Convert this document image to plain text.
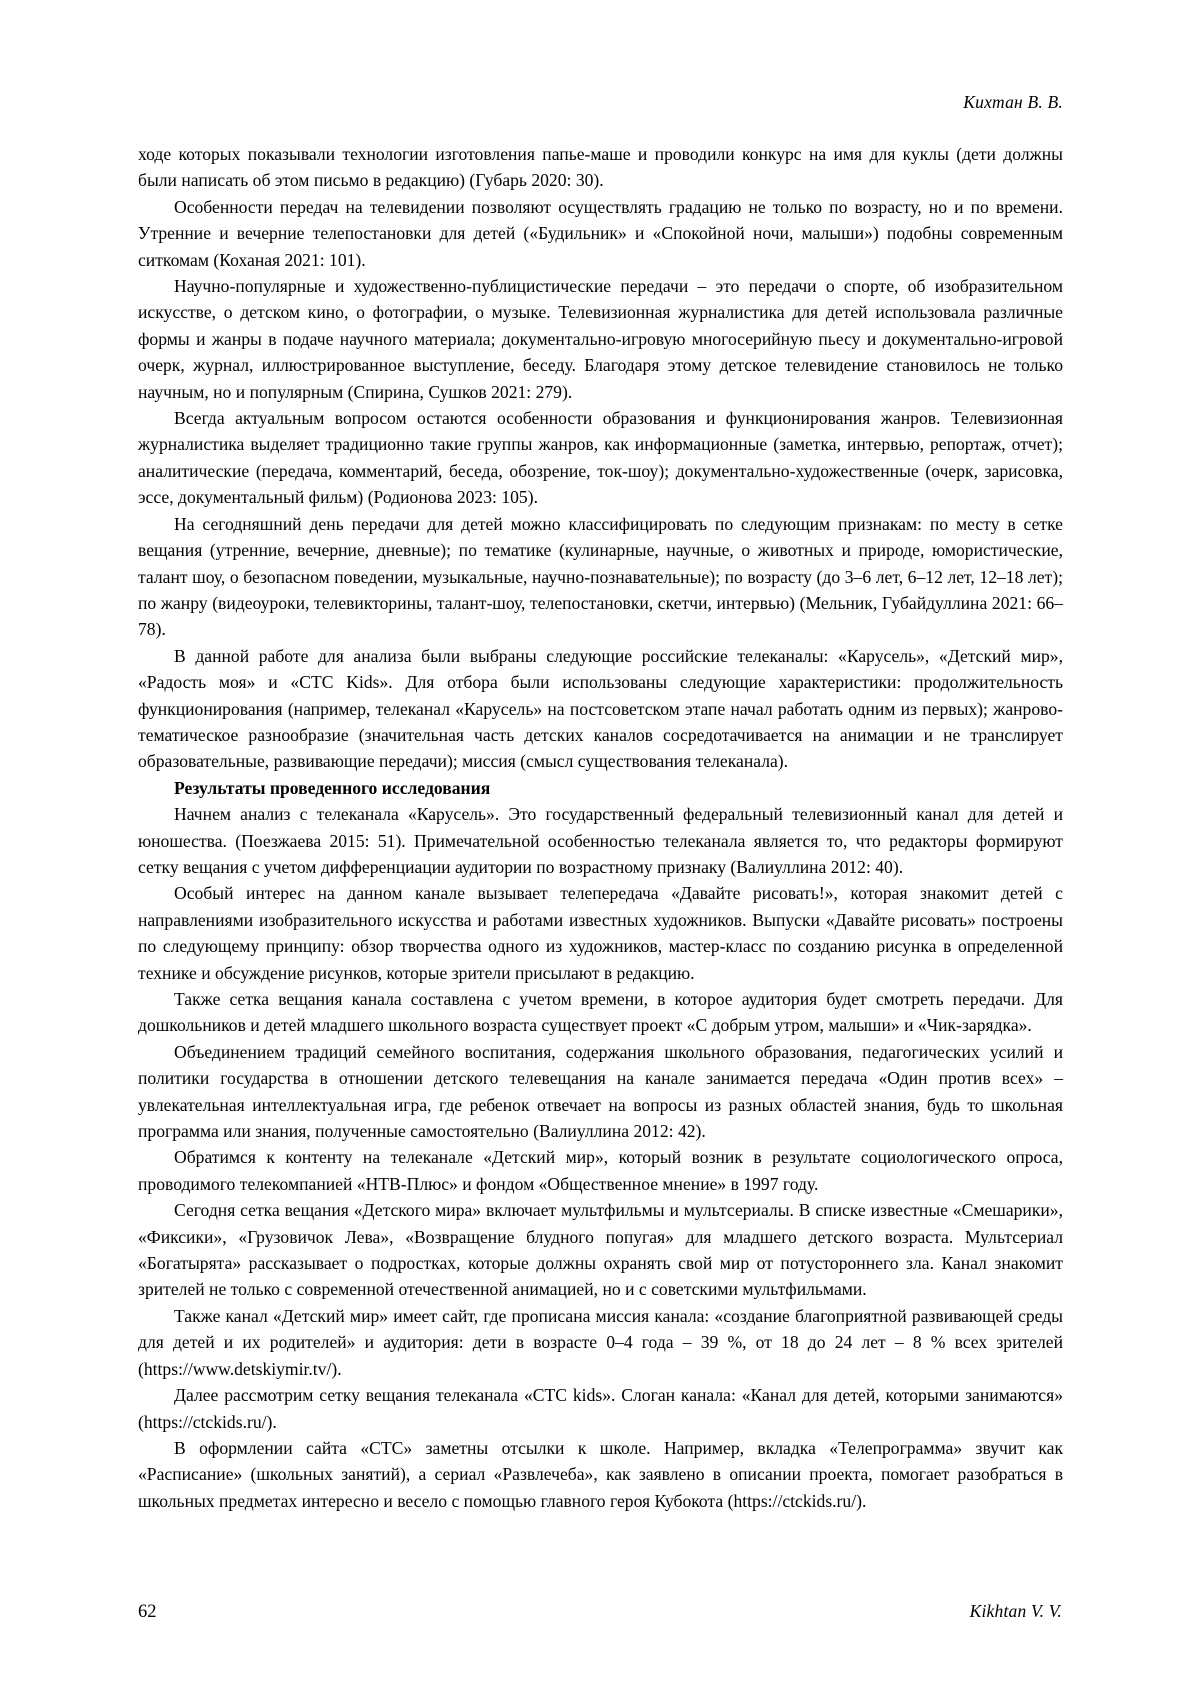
Кихтан В. В.

ходе которых показывали технологии изготовления папье-маше и проводили конкурс на имя для куклы (дети должны были написать об этом письмо в редакцию) (Губарь 2020: 30).

Особенности передач на телевидении позволяют осуществлять градацию не только по возрасту, но и по времени. Утренние и вечерние телепостановки для детей («Будильник» и «Спокойной ночи, малыши») подобны современным ситкомам (Коханая 2021: 101).

Научно-популярные и художественно-публицистические передачи – это передачи о спорте, об изобразительном искусстве, о детском кино, о фотографии, о музыке. Телевизионная журналистика для детей использовала различные формы и жанры в подаче научного материала; документально-игровую многосерийную пьесу и документально-игровой очерк, журнал, иллюстрированное выступление, беседу. Благодаря этому детское телевидение становилось не только научным, но и популярным (Спирина, Сушков 2021: 279).

Всегда актуальным вопросом остаются особенности образования и функционирования жанров. Телевизионная журналистика выделяет традиционно такие группы жанров, как информационные (заметка, интервью, репортаж, отчет); аналитические (передача, комментарий, беседа, обозрение, ток-шоу); документально-художественные (очерк, зарисовка, эссе, документальный фильм) (Родионова 2023: 105).

На сегодняшний день передачи для детей можно классифицировать по следующим признакам: по месту в сетке вещания (утренние, вечерние, дневные); по тематике (кулинарные, научные, о животных и природе, юмористические, талант шоу, о безопасном поведении, музыкальные, научно-познавательные); по возрасту (до 3–6 лет, 6–12 лет, 12–18 лет); по жанру (видеоуроки, телевикторины, талант-шоу, телепостановки, скетчи, интервью) (Мельник, Губайдуллина 2021: 66–78).

В данной работе для анализа были выбраны следующие российские телеканалы: «Карусель», «Детский мир», «Радость моя» и «СТС Kids». Для отбора были использованы следующие характеристики: продолжительность функционирования (например, телеканал «Карусель» на постсоветском этапе начал работать одним из первых); жанрово-тематическое разнообразие (значительная часть детских каналов сосредотачивается на анимации и не транслирует образовательные, развивающие передачи); миссия (смысл существования телеканала).

Результаты проведенного исследования

Начнем анализ с телеканала «Карусель». Это государственный федеральный телевизионный канал для детей и юношества. (Поезжаева 2015: 51). Примечательной особенностью телеканала является то, что редакторы формируют сетку вещания с учетом дифференциации аудитории по возрастному признаку (Валиуллина 2012: 40).

Особый интерес на данном канале вызывает телепередача «Давайте рисовать!», которая знакомит детей с направлениями изобразительного искусства и работами известных художников. Выпуски «Давайте рисовать» построены по следующему принципу: обзор творчества одного из художников, мастер-класс по созданию рисунка в определенной технике и обсуждение рисунков, которые зрители присылают в редакцию.

Также сетка вещания канала составлена с учетом времени, в которое аудитория будет смотреть передачи. Для дошкольников и детей младшего школьного возраста существует проект «С добрым утром, малыши» и «Чик-зарядка».

Объединением традиций семейного воспитания, содержания школьного образования, педагогических усилий и политики государства в отношении детского телевещания на канале занимается передача «Один против всех» – увлекательная интеллектуальная игра, где ребенок отвечает на вопросы из разных областей знания, будь то школьная программа или знания, полученные самостоятельно (Валиуллина 2012: 42).

Обратимся к контенту на телеканале «Детский мир», который возник в результате социологического опроса, проводимого телекомпанией «НТВ-Плюс» и фондом «Общественное мнение» в 1997 году.

Сегодня сетка вещания «Детского мира» включает мультфильмы и мультсериалы. В списке известные «Смешарики», «Фиксики», «Грузовичок Лева», «Возвращение блудного попугая» для младшего детского возраста. Мультсериал «Богатырята» рассказывает о подростках, которые должны охранять свой мир от потустороннего зла. Канал знакомит зрителей не только с современной отечественной анимацией, но и с советскими мультфильмами.

Также канал «Детский мир» имеет сайт, где прописана миссия канала: «создание благоприятной развивающей среды для детей и их родителей» и аудитория: дети в возрасте 0–4 года – 39 %, от 18 до 24 лет – 8 % всех зрителей (https://www.detskiymir.tv/).

Далее рассмотрим сетку вещания телеканала «СТС kids». Слоган канала: «Канал для детей, которыми занимаются» (https://ctckids.ru/).

В оформлении сайта «СТС» заметны отсылки к школе. Например, вкладка «Телепрограмма» звучит как «Расписание» (школьных занятий), а сериал «Развлечеба», как заявлено в описании проекта, помогает разобраться в школьных предметах интересно и весело с помощью главного героя Кубокота (https://ctckids.ru/).

62	Kikhtan V. V.
